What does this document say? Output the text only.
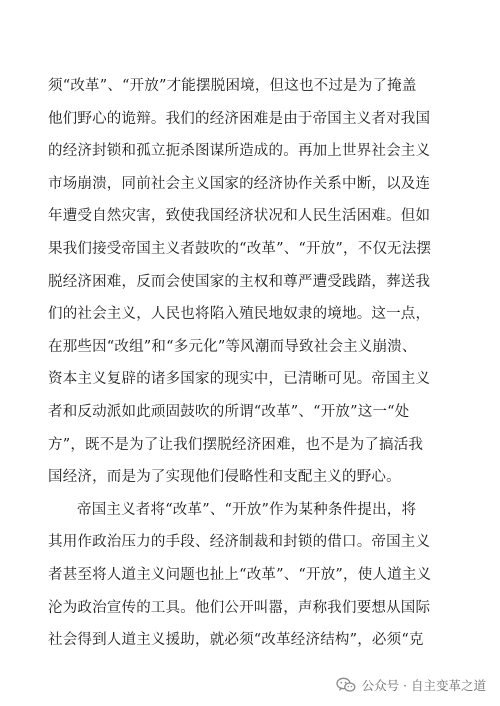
须“改革”、“开放”才能摆脱困境，但这也不过是为了掩盖
他们野心的诡辩。我们的经济困难是由于帝国主义者对我国
的经济封锁和孤立扼杀图谋所造成的。再加上世界社会主义
市场崩溃，同前社会主义国家的经济协作关系中断，以及连
年遭受自然灾害，致使我国经济状况和人民生活困难。但如
果我们接受帝国主义者鼓吹的“改革”、“开放”，不仅无法摆
脱经济困难，反而会使国家的主权和尊严遭受践踏，葬送我
们的社会主义，人民也将陷入殖民地奴隶的境地。这一点，
在那些因“改组”和“多元化”等风潮而导致社会主义崩溃、
资本主义复辟的诸多国家的现实中，已清晰可见。帝国主义
者和反动派如此顽固鼓吹的所谓“改革”、“开放”这一“处
方”，既不是为了让我们摆脱经济困难，也不是为了搞活我
国经济，而是为了实现他们侵略性和支配主义的野心。
帝国主义者将“改革”、“开放”作为某种条件提出，将
其用作政治压力的手段、经济制裁和封锁的借口。帝国主义
者甚至将人道主义问题也扯上“改革”、“开放”，使人道主义
沦为政治宣传的工具。他们公开叫嚣，声称我们要想从国际
社会得到人道主义援助，就必须“改革经济结构”，必须“克
公众号 · 自主变革之道
